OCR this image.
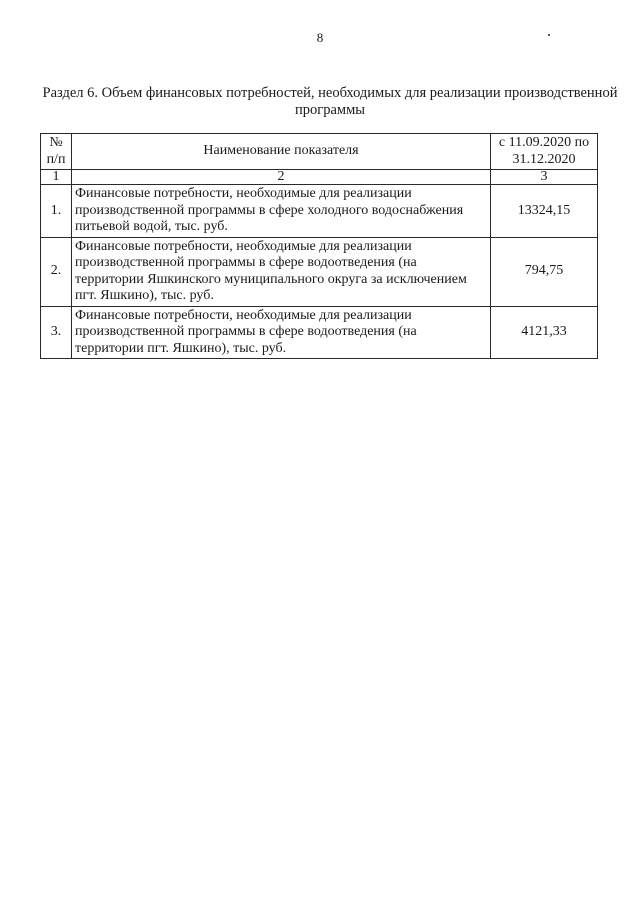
8
Раздел 6. Объем финансовых потребностей, необходимых для реализации производственной программы
№ п/п	Наименование показателя	с 11.09.2020 по 31.12.2020
1	2	3
1.	Финансовые потребности, необходимые для реализации производственной программы в сфере холодного водоснабжения питьевой водой, тыс. руб.	13324,15
2.	Финансовые потребности, необходимые для реализации производственной программы в сфере водоотведения (на территории Яшкинского муниципального округа за исключением пгт. Яшкино), тыс. руб.	794,75
3.	Финансовые потребности, необходимые для реализации производственной программы в сфере водоотведения (на территории пгт. Яшкино), тыс. руб.	4121,33
